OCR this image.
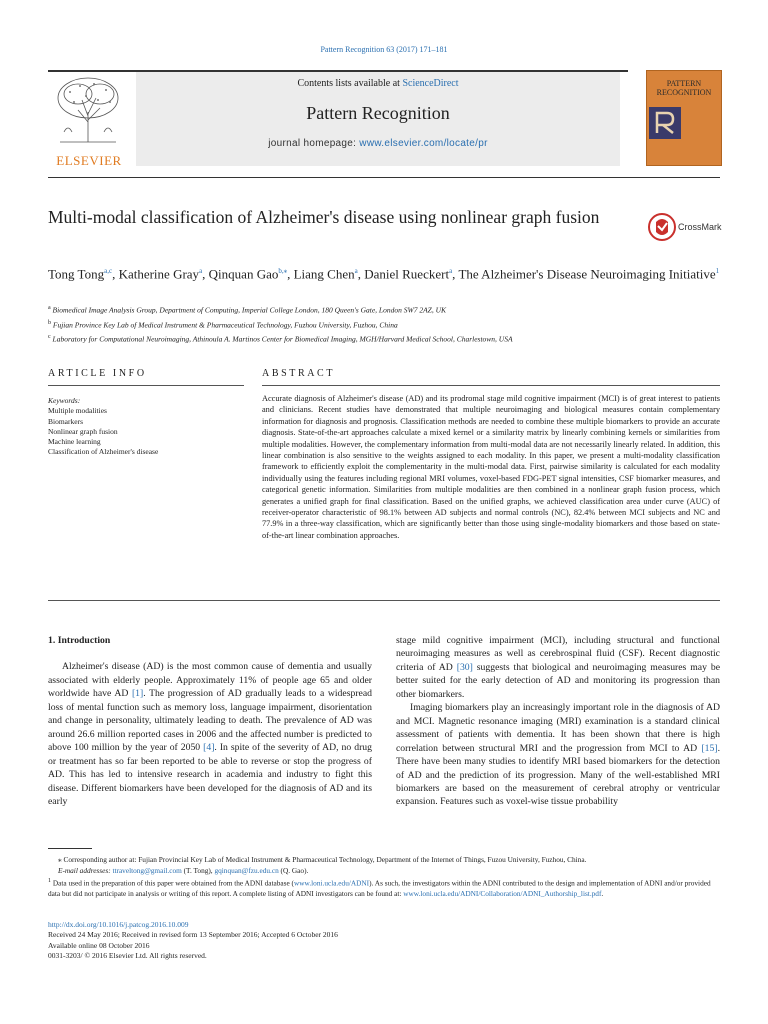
Pattern Recognition 63 (2017) 171–181
ELSEVIER
Contents lists available at ScienceDirect
Pattern Recognition
journal homepage: www.elsevier.com/locate/pr
PATTERN RECOGNITION
Multi-modal classification of Alzheimer's disease using nonlinear graph fusion	CrossMark
Tong Tong$^{a,c}$, Katherine Gray$^a$, Qinquan Gao$^{b,⁎}$, Liang Chen$^a$, Daniel Rueckert$^a$, The Alzheimer's Disease Neuroimaging Initiative$^1$
$^a$ Biomedical Image Analysis Group, Department of Computing, Imperial College London, 180 Queen's Gate, London SW7 2AZ, UK
$^b$ Fujian Province Key Lab of Medical Instrument & Pharmaceutical Technology, Fuzhou University, Fuzhou, China
$^c$ Laboratory for Computational Neuroimaging, Athinoula A. Martinos Center for Biomedical Imaging, MGH/Harvard Medical School, Charlestown, USA
ARTICLE INFO	ABSTRACT
Keywords:
Multiple modalities
Biomarkers
Nonlinear graph fusion
Machine learning
Classification of Alzheimer's disease
Accurate diagnosis of Alzheimer's disease (AD) and its prodromal stage mild cognitive impairment (MCI) is of great interest to patients and clinicians. Recent studies have demonstrated that multiple neuroimaging and biological measures contain complementary information for diagnosis and prognosis. Classification methods are needed to combine these multiple biomarkers to provide an accurate diagnosis. State-of-the-art approaches calculate a mixed kernel or a similarity matrix by linearly combining kernels or similarities from multiple modalities. However, the complementary information from multi-modal data are not necessarily linearly related. In addition, this linear combination is also sensitive to the weights assigned to each modality. In this paper, we present a multi-modality classification framework to efficiently exploit the complementarity in the multi-modal data. First, pairwise similarity is calculated for each modality individually using the features including regional MRI volumes, voxel-based FDG-PET signal intensities, CSF biomarker measures, and categorical genetic information. Similarities from multiple modalities are then combined in a nonlinear graph fusion process, which generates a unified graph for final classification. Based on the unified graphs, we achieved classification area under curve (AUC) of receiver-operator characteristic of 98.1% between AD subjects and normal controls (NC), 82.4% between MCI subjects and NC and 77.9% in a three-way classification, which are significantly better than those using single-modality biomarkers and those based on state-of-the-art linear combination approaches.

1. Introduction

Alzheimer's disease (AD) is the most common cause of dementia and usually associated with elderly people. Approximately 11% of people age 65 and older worldwide have AD [1]. The progression of AD gradually leads to a widespread loss of mental function such as memory loss, language impairment, disorientation and change in personality, ultimately leading to death. The prevalence of AD was around 26.6 million reported cases in 2006 and the affected number is predicted to above 100 million by the year of 2050 [4]. In spite of the severity of AD, no drug or treatment has so far been reported to be able to reverse or stop the progress of AD. This has led to intensive research in academia and industry to fight this disease. Different biomarkers have been developed for the diagnosis of AD and its early

stage mild cognitive impairment (MCI), including structural and functional neuroimaging measures as well as cerebrospinal fluid (CSF). Recent diagnostic criteria of AD [30] suggests that biological and neuroimaging measures may be better suited for the early detection of AD and monitoring its progression than other biomarkers.

Imaging biomarkers play an increasingly important role in the diagnosis of AD and MCI. Magnetic resonance imaging (MRI) examination is a standard clinical assessment of patients with dementia. It has been shown that there is high correlation between structural MRI and the progression from MCI to AD [15]. There have been many studies to identify MRI based biomarkers for the detection of AD and the prediction of its progression. Many of the well-established MRI biomarkers are based on the measurement of cerebral atrophy or ventricular expansion. Features such as voxel-wise tissue probability

⁎ Corresponding author at: Fujian Provincial Key Lab of Medical Instrument & Pharmaceutical Technology, Department of the Internet of Things, Fuzou University, Fuzhou, China.

E-mail addresses: ttraveltong@gmail.com (T. Tong), gqinquan@fzu.edu.cn (Q. Gao).

$^1$ Data used in the preparation of this paper were obtained from the ADNI database (www.loni.ucla.edu/ADNI). As such, the investigators within the ADNI contributed to the design and implementation of ADNI and/or provided data but did not participate in analysis or writing of this report. A complete listing of ADNI investigators can be found at: www.loni.ucla.edu/ADNI/Collaboration/ADNI_Authorship_list.pdf.

http://dx.doi.org/10.1016/j.patcog.2016.10.009

Received 24 May 2016; Received in revised form 13 September 2016; Accepted 6 October 2016

Available online 08 October 2016

0031-3203/ © 2016 Elsevier Ltd. All rights reserved.
